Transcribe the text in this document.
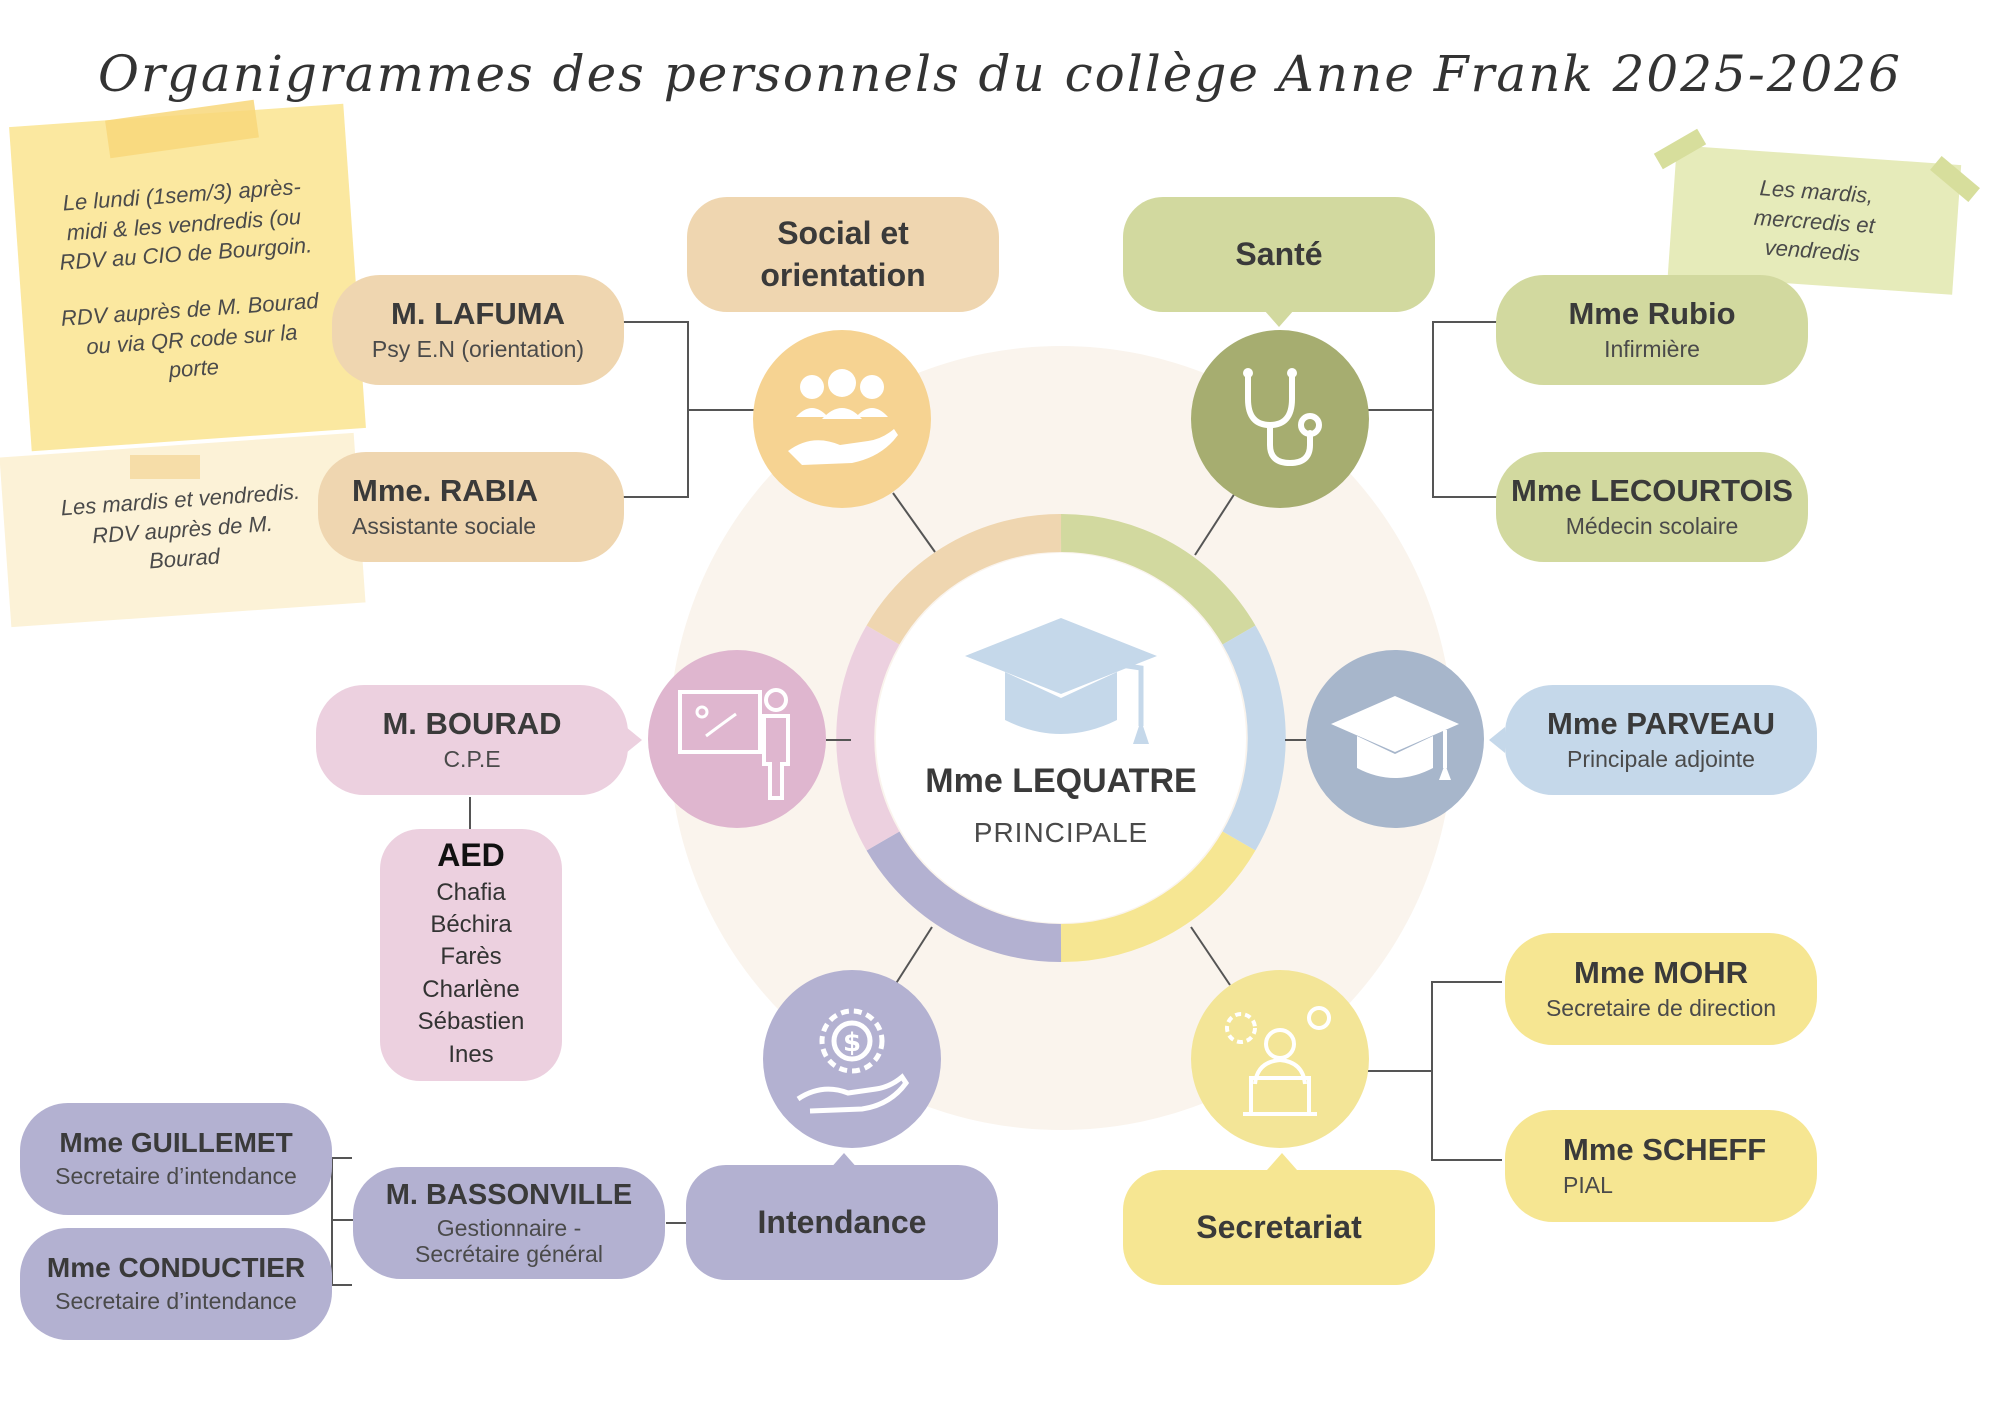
Organigrammes des personnels du collège Anne Frank 2025-2026
Le lundi (1sem/3) après-
midi & les vendredis (ou
RDV au CIO de Bourgoin.
RDV auprès de M. Bourad
ou via QR code sur la
porte
Les mardis et vendredis.
RDV auprès de M.
Bourad
Les mardis,
mercredis et
vendredis
Social et orientation
Santé
Intendance	Secretariat
$
Mme LEQUATRE
PRINCIPALE
M. LAFUMA
Psy E.N (orientation)
Mme. RABIA
Assistante sociale
Mme Rubio
Infirmière
Mme LECOURTOIS
Médecin scolaire
M. BOURAD
C.P.E
Mme PARVEAU
Principale adjointe
Mme MOHR
Secretaire de direction
Mme SCHEFF
PIAL
M. BASSONVILLE
Gestionnaire -
Secrétaire général
Mme GUILLEMET
Secretaire d’intendance
Mme CONDUCTIER
Secretaire d’intendance
AED
Chafia
Béchira
Farès
Charlène
Sébastien
Ines
